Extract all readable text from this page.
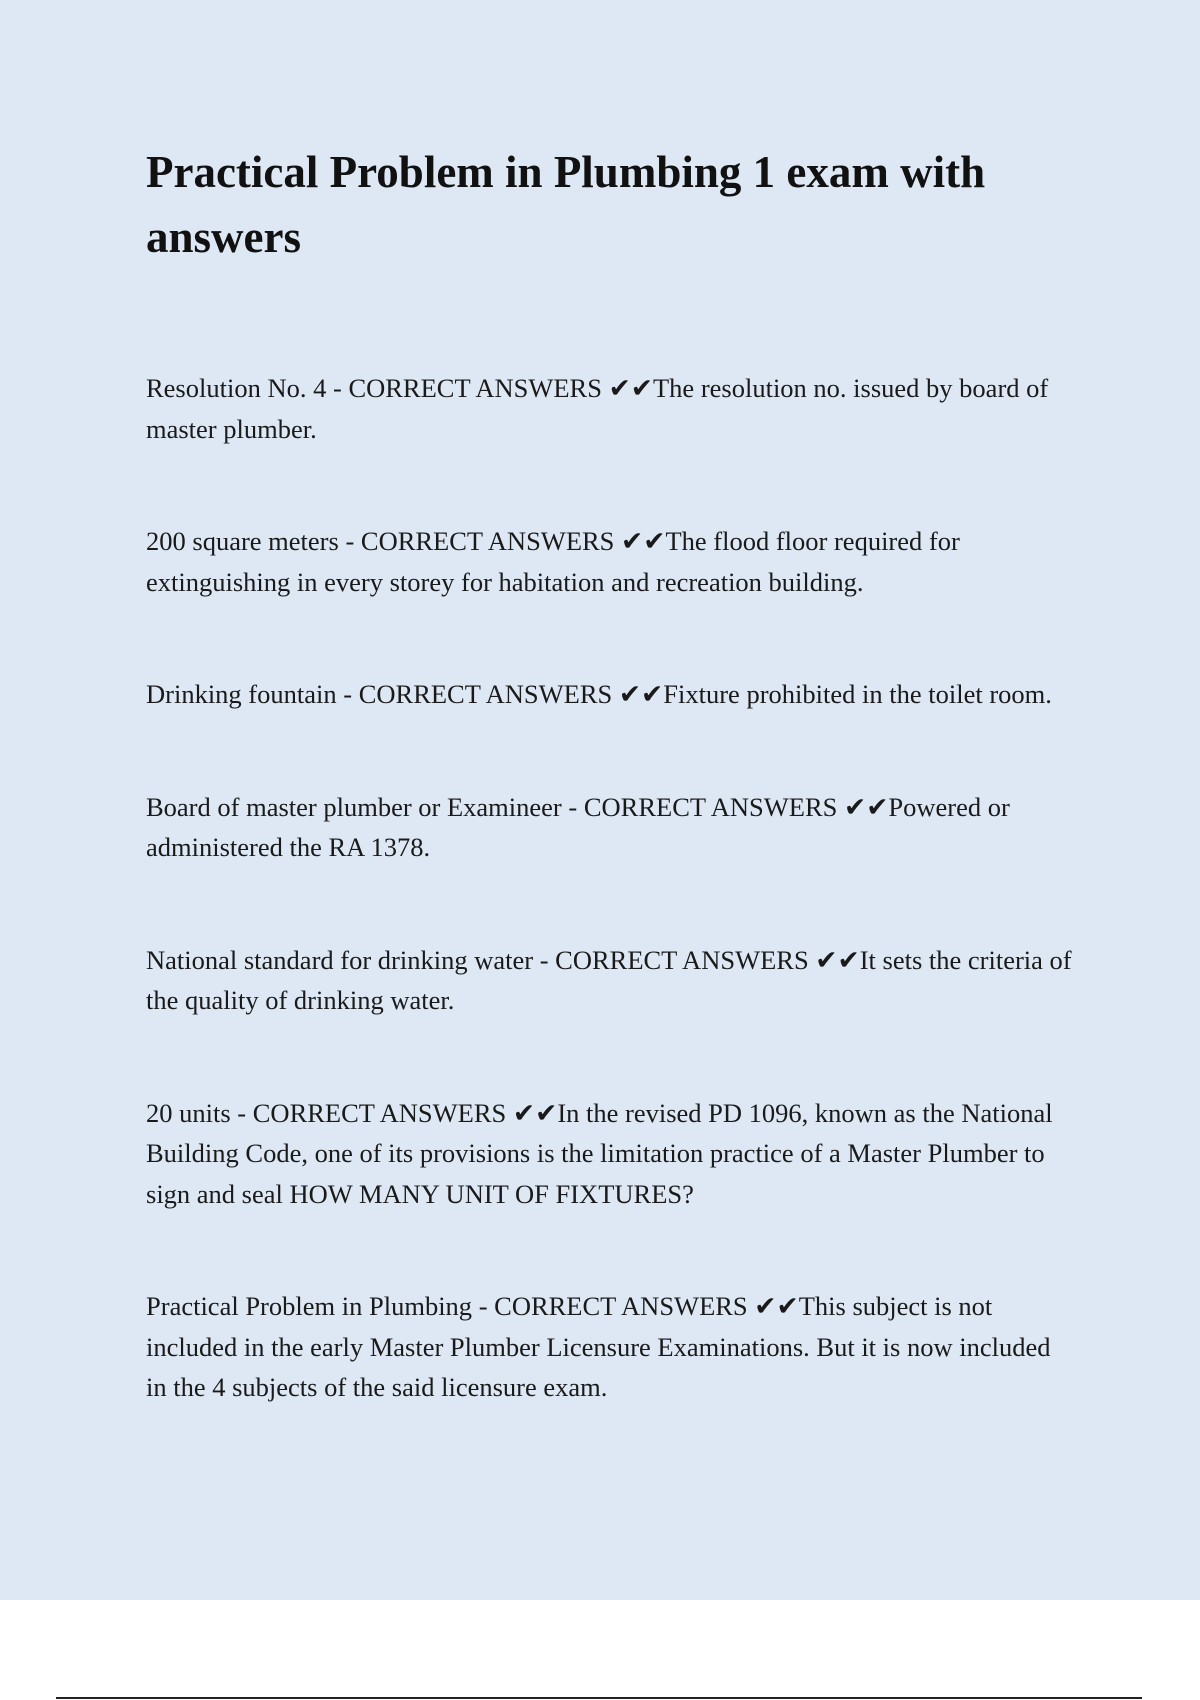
Practical Problem in Plumbing 1 exam with answers
Resolution No. 4 - CORRECT ANSWERS ✔✔The resolution no. issued by board of master plumber.
200 square meters - CORRECT ANSWERS ✔✔The flood floor required for extinguishing in every storey for habitation and recreation building.
Drinking fountain - CORRECT ANSWERS ✔✔Fixture prohibited in the toilet room.
Board of master plumber or Examineer - CORRECT ANSWERS ✔✔Powered or administered the RA 1378.
National standard for drinking water - CORRECT ANSWERS ✔✔It sets the criteria of the quality of drinking water.
20 units - CORRECT ANSWERS ✔✔In the revised PD 1096, known as the National Building Code, one of its provisions is the limitation practice of a Master Plumber to sign and seal HOW MANY UNIT OF FIXTURES?
Practical Problem in Plumbing - CORRECT ANSWERS ✔✔This subject is not included in the early Master Plumber Licensure Examinations. But it is now included in the 4 subjects of the said licensure exam.
